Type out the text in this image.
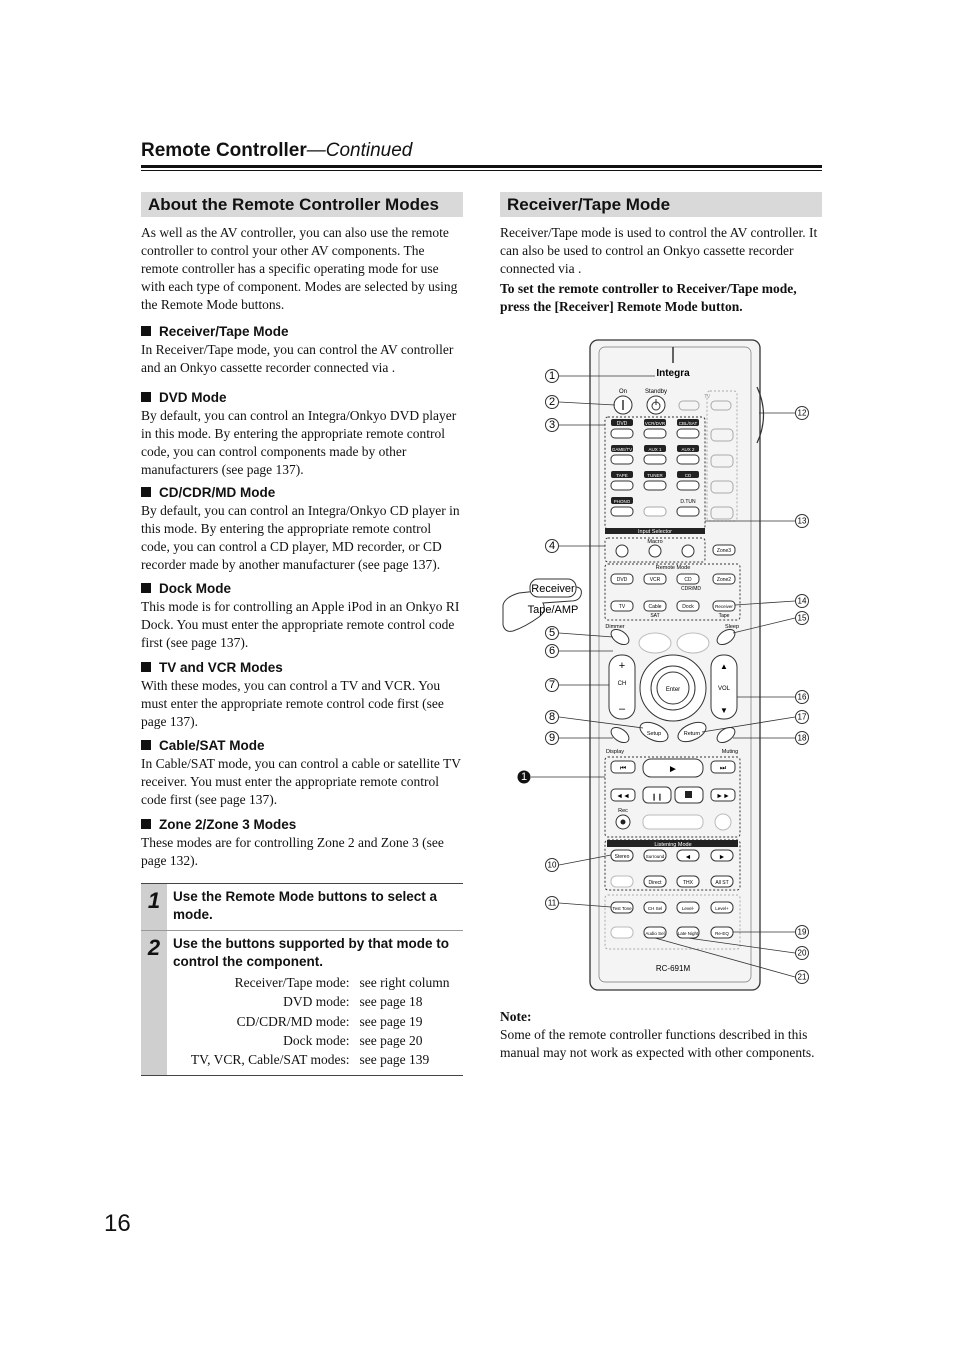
Remote Controller—Continued
About the Remote Controller Modes
As well as the AV controller, you can also use the remote controller to control your other AV components. The remote controller has a specific operating mode for use with each type of component. Modes are selected by using the Remote Mode buttons.
Receiver/Tape Mode
In Receiver/Tape mode, you can control the AV controller and an Onkyo cassette recorder connected via .
DVD Mode
By default, you can control an Integra/Onkyo DVD player in this mode. By entering the appropriate remote control code, you can control components made by other manufacturers (see page 137).
CD/CDR/MD Mode
By default, you can control an Integra/Onkyo CD player in this mode. By entering the appropriate remote control code, you can control a CD player, MD recorder, or CD recorder made by another manufacturer (see page 137).
Dock Mode
This mode is for controlling an Apple iPod in an Onkyo RI Dock. You must enter the appropriate remote control code first (see page 137).
TV and VCR Modes
With these modes, you can control a TV and VCR. You must enter the appropriate remote control code first (see page 137).
Cable/SAT Mode
In Cable/SAT mode, you can control a cable or satellite TV receiver. You must enter the appropriate remote control code first (see page 137).
Zone 2/Zone 3 Modes
These modes are for controlling Zone 2 and Zone 3 (see page 132).
1	Use the Remote Mode buttons to select a mode.
2	Use the buttons supported by that mode to control the component.
Receiver/Tape mode:	see right column
DVD mode:	see page 18
CD/CDR/MD mode:	see page 19
Dock mode:	see page 20
TV, VCR, Cable/SAT modes:	see page 139
Receiver/Tape Mode
Receiver/Tape mode is used to control the AV controller. It can also be used to control an Onkyo cassette recorder connected via .
To set the remote controller to Receiver/Tape mode, press the [Receiver] Remote Mode button.
Integra
On	Standby
TV
Input Selector
DVD	VCR/DVR	CBL/SAT
GAME/TV	AUX 1	AUX 2
TAPE	TUNER	CD
PHONO	D.TUN
Macro
Zone3
Remote Mode
DVD	VCR	CD	Zone2
CDR/MD
TV	Cable
SAT
Dock	Receiver
Tape
Receiver
Tape/AMP
Dimmer	Sleep
+
CH
–
Enter
▲
VOL
▼
Setup	Return
Display	Muting
⏮	►	⏭
◄◄	❙❙	►►
Rec
Listening Mode
Stereo	Surround	◄	►
Direct	THX	All ST
Test Tone	CH Sel	Level-	Level+
Audio Sel	Late Night	Re-EQ
RC-691M
1
2
3
4
5
6
7
8
9
1
10
11
12
13
14
15
16
17
18
19
20
21
Note:
Some of the remote controller functions described in this manual may not work as expected with other components.
16
